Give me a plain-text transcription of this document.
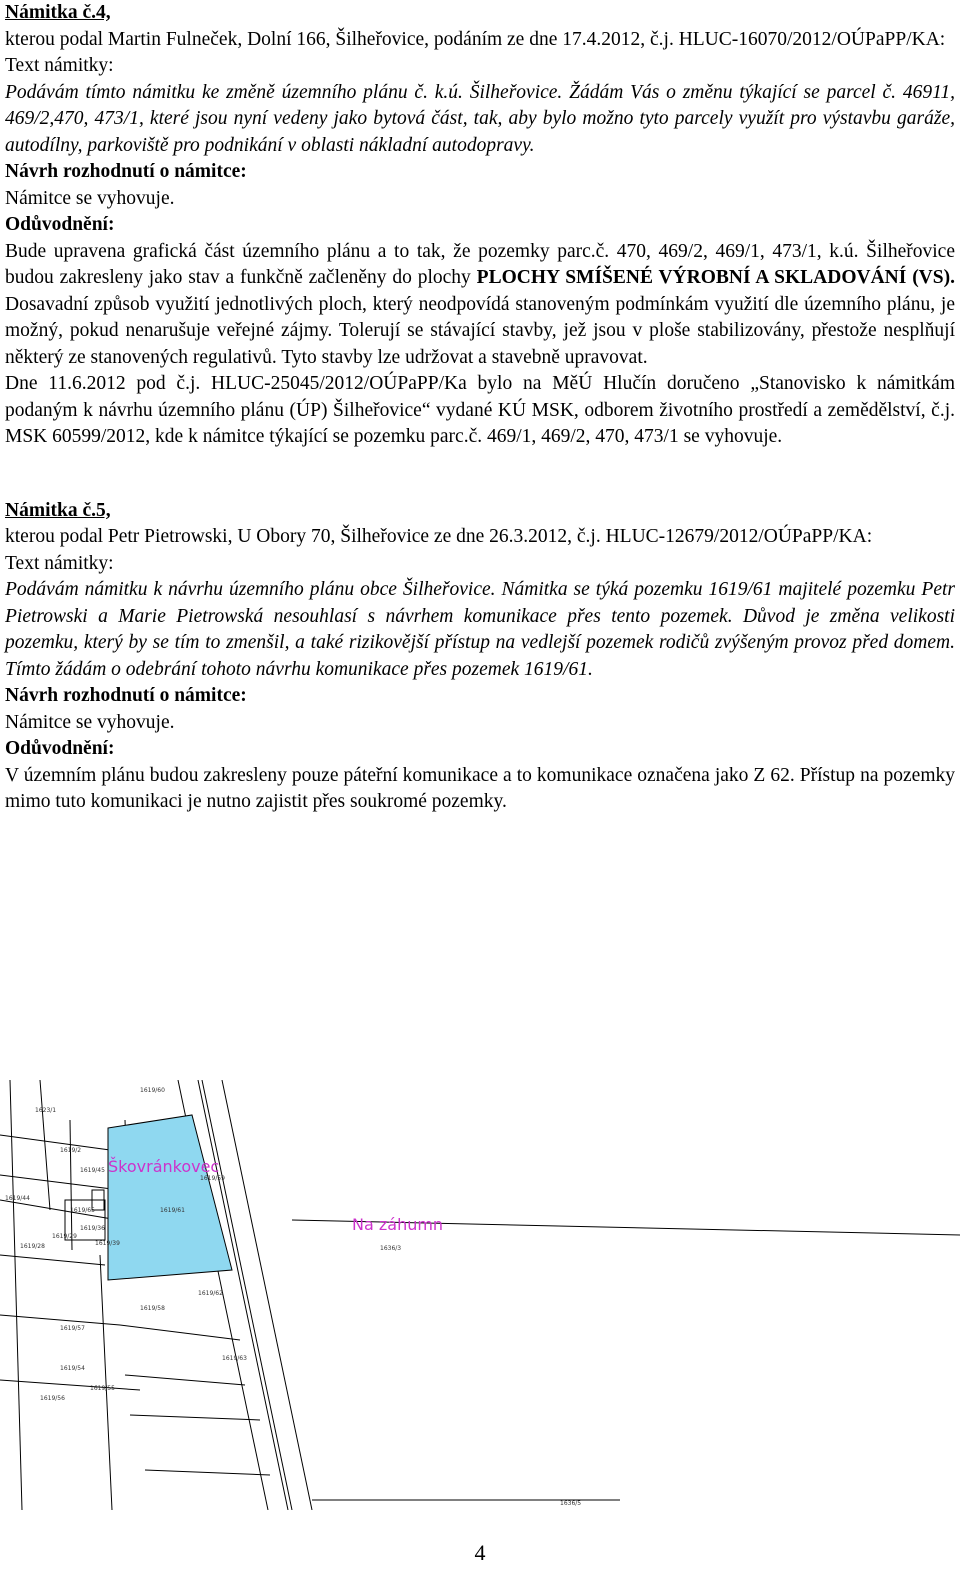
Námitka č.4,

kterou podal Martin Fulneček, Dolní 166, Šilheřovice, podáním ze dne 17.4.2012, č.j. HLUC-16070/2012/OÚPaPP/KA:

Text námitky:

Podávám tímto námitku ke změně územního plánu č. k.ú. Šilheřovice. Žádám Vás o změnu týkající se parcel č. 46911, 469/2,470, 473/1, které jsou nyní vedeny jako bytová část, tak, aby bylo možno tyto parcely využít pro výstavbu garáže, autodílny, parkoviště pro podnikání v oblasti nákladní autodopravy.

Návrh rozhodnutí o námitce:

Námitce se vyhovuje.

Odůvodnění:

Bude upravena grafická část územního plánu a to tak, že pozemky parc.č. 470, 469/2, 469/1, 473/1, k.ú. Šilheřovice budou zakresleny jako stav a funkčně začleněny do plochy PLOCHY SMÍŠENÉ VÝROBNÍ A SKLADOVÁNÍ (VS). Dosavadní způsob využití jednotlivých ploch, který neodpovídá stanoveným podmínkám využití dle územního plánu, je možný, pokud nenarušuje veřejné zájmy. Tolerují se stávající stavby, jež jsou v ploše stabilizovány, přestože nesplňují některý ze stanovených regulativů. Tyto stavby lze udržovat a stavebně upravovat.

Dne 11.6.2012 pod č.j. HLUC-25045/2012/OÚPaPP/Ka bylo na MěÚ Hlučín doručeno „Stanovisko k námitkám podaným k návrhu územního plánu (ÚP) Šilheřovice“ vydané KÚ MSK, odborem životního prostředí a zemědělství, č.j. MSK 60599/2012, kde k námitce týkající se pozemku parc.č. 469/1, 469/2, 470, 473/1 se vyhovuje.

Námitka č.5,

kterou podal Petr Pietrowski, U Obory 70, Šilheřovice ze dne 26.3.2012, č.j. HLUC-12679/2012/OÚPaPP/KA:

Text námitky:

Podávám námitku k návrhu územního plánu obce Šilheřovice. Námitka se týká pozemku 1619/61 majitelé pozemku Petr Pietrowski a Marie Pietrowská nesouhlasí s návrhem komunikace přes tento pozemek. Důvod je změna velikosti pozemku, který by se tím to zmenšil, a také rizikovější přístup na vedlejší pozemek rodičů zvýšeným provoz před domem. Tímto žádám o odebrání tohoto návrhu komunikace přes pozemek 1619/61.

Návrh rozhodnutí o námitce:

Námitce se vyhovuje.

Odůvodnění:

V územním plánu budou zakresleny pouze páteřní komunikace a to komunikace označena jako Z 62. Přístup na pozemky mimo tuto komunikaci je nutno zajistit přes soukromé pozemky.

Škovránkovec
Na záhumn
1623/1
1619/2
1619/45
1619/44
1619/29
1619/36
1619/39
1619/28
1619/61
1619/62
1619/58
1619/57
1619/63
1619/56
1619/55
1636/3
1636/5
1619/65
1619/60
1619/59
1619/54
4
